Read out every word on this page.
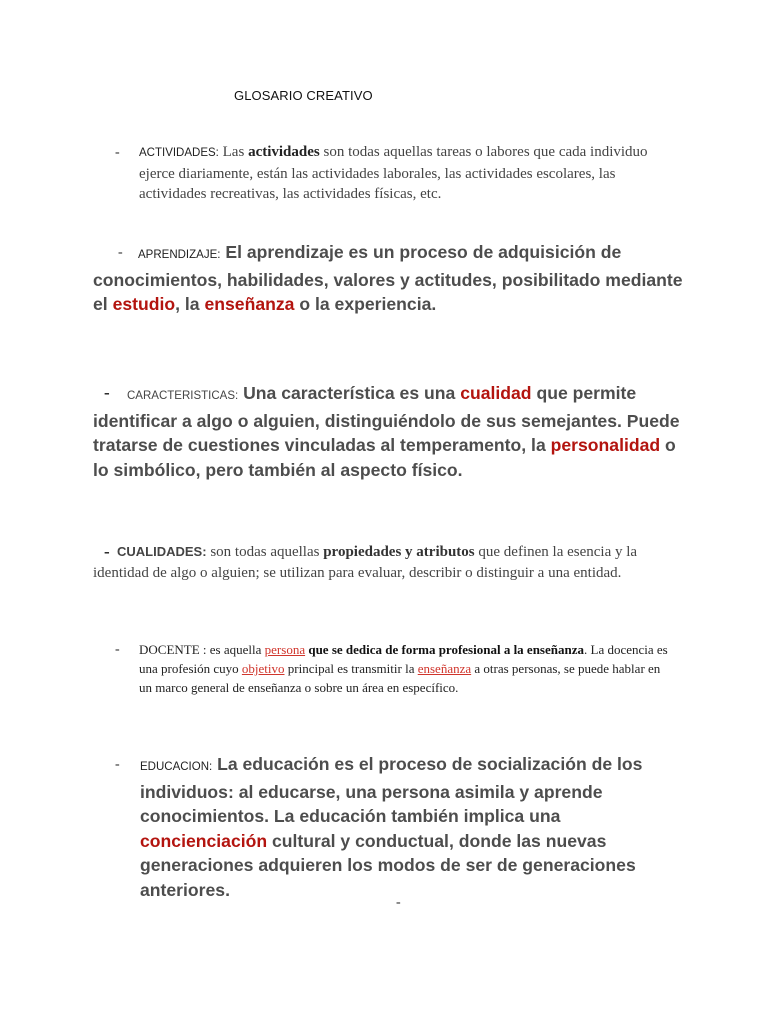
GLOSARIO CREATIVO
- ACTIVIDADES: Las actividades son todas aquellas tareas o labores que cada individuo ejerce diariamente, están las actividades laborales, las actividades escolares, las actividades recreativas, las actividades físicas, etc.
-	APRENDIZAJE: El aprendizaje es un proceso de adquisición de conocimientos, habilidades, valores y actitudes, posibilitado mediante el estudio, la enseñanza o la experiencia.
-	CARACTERISTICAS: Una característica es una cualidad que permite identificar a algo o alguien, distinguiéndolo de sus semejantes. Puede tratarse de cuestiones vinculadas al temperamento, la personalidad o lo simbólico, pero también al aspecto físico.
- CUALIDADES: son todas aquellas propiedades y atributos que definen la esencia y la identidad de algo o alguien; se utilizan para evaluar, describir o distinguir a una entidad.
- DOCENTE : es aquella persona que se dedica de forma profesional a la enseñanza. La docencia es una profesión cuyo objetivo principal es transmitir la enseñanza a otras personas, se puede hablar en un marco general de enseñanza o sobre un área en específico.
- EDUCACION: La educación es el proceso de socialización de los individuos: al educarse, una persona asimila y aprende conocimientos. La educación también implica una concienciación cultural y conductual, donde las nuevas generaciones adquieren los modos de ser de generaciones anteriores.
-
